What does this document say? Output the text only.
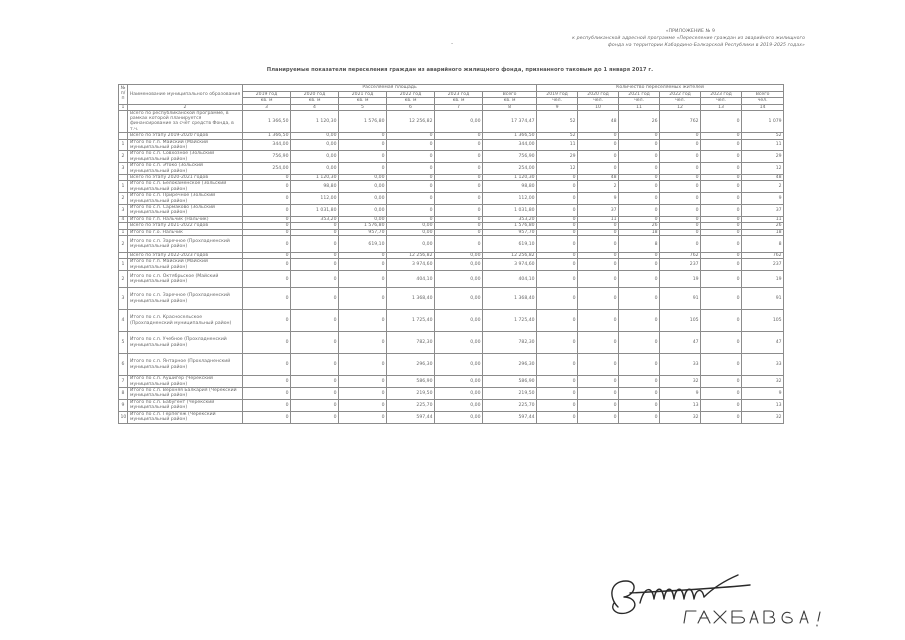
«ПРИЛОЖЕНИЕ № 9
к республиканской адресной программе «Переселение граждан из аварийного жилищного
фонда на территории Кабардино-Балкарской Республики в 2019-2025 годах»
-
Планируемые показатели переселения граждан из аварийного жилищного фонда, признанного таковым до 1 января 2017 г.
№ п/п	Наименование муниципального образования	Расселяемая площадь						Количество переселяемых жителей					
		2019 год	2020 год	2021 год	2022 год	2023 год	Всего	2019 год	2020 год	2021 год	2022 год	2023 год	Всего
		кв. м	кв. м	кв. м	кв. м	кв. м	кв. м	чел.	чел.	чел.	чел.	чел.	чел.
1	2	3	4	5	6	7	8	9	10	11	12	13	14
	Всего по республиканской программе, в рамках которой планируется финансирование за счёт средств Фонда, в т.ч.	1 366,50	1 120,30	1 576,80	12 256,82	0,00	17 374,47	52	48	26	762	0	1 079
	Всего по этапу 2019-2020 годов	1 366,50	0,00	0	0	0	1 366,50	52	0	0	0	0	52
1	Итого по г.п. Майский (Майский муниципальный район)	344,00	0,00	0	0	0	344,00	11	0	0	0	0	11
2	Итого по с.п. Совхозное (Зольский муниципальный район)	756,90	0,00	0	0	0	756,90	29	0	0	0	0	29
3	Итого по с.п. Этоко (Зольский муниципальный район)	254,00	0,00	0	0	0	254,00	12	0	0	0	0	12
	Всего по этапу 2020-2021 годов	0	1 120,30	0,00	0	0	1 120,30	0	48	0	0	0	48
1	Итого по с.п. Белокаменское (Зольский муниципальный район)	0	98,80	0,00	0	0	98,80	0	2	0	0	0	2
2	Итого по с.п. Приречное (Зольский муниципальный район)	0	112,00	0,00	0	0	112,00	0	9	0	0	0	9
3	Итого по с.п. Сармаково (Зольский муниципальный район)	0	1 031,80	0,00	0	0	1 031,80	0	37	0	0	0	37
4	Итого по г.п. Нальчик (Нальчик)	0	353,20	0,00	0	0	353,20	0	11	0	0	0	11
	Всего по этапу 2021-2022 годов	0	0	1 576,80	0,00	0	1 576,80	0	0	26	0	0	26
1	Итого по г.о. Нальчик	0	0	957,70	0,00	0	957,70	0	0	18	0	0	18
2	Итого по с.п. Заречное (Прохладненский муниципальный район)	0	0	619,10	0,00	0	619,10	0	0	8	0	0	8
	Всего по этапу 2022-2023 годов	0	0	0	12 256,82	0,00	12 256,82	0	0	0	762	0	762
1	Итого по г.п. Майский (Майский муниципальный район)	0	0	0	3 974,60	0,00	3 974,60	0	0	0	237	0	237
2	Итого по с.п. Октябрьское (Майский муниципальный район)	0	0	0	404,10	0,00	404,10	0	0	0	19	0	19
3	Итого по с.п. Заречное (Прохладненский муниципальный район)	0	0	0	1 368,40	0,00	1 368,40	0	0	0	91	0	91
4	Итого по с.п. Красносельское (Прохладненский муниципальный район)	0	0	0	1 725,40	0,00	1 725,40	0	0	0	105	0	105
5	Итого по с.п. Учебное (Прохладненский муниципальный район)	0	0	0	782,30	0,00	782,30	0	0	0	47	0	47
6	Итого по с.п. Янтарное (Прохладненский муниципальный район)	0	0	0	296,30	0,00	296,30	0	0	0	33	0	33
7	Итого по с.п. Аушигер (Черекский муниципальный район)	0	0	0	586,90	0,00	586,90	0	0	0	32	0	32
8	Итого по с.п. Верхняя Балкария (Черекский муниципальный район)	0	0	0	219,50	0,00	219,50	0	0	0	9	0	9
9	Итого по с.п. Бабугент (Черекский муниципальный район)	0	0	0	225,70	0,00	225,70	0	0	0	13	0	13
10	Итого по с.п. Герпегеж (Черекский муниципальный район)	0	0	0	597,44	0,00	597,44	0	0	0	32	0	32
